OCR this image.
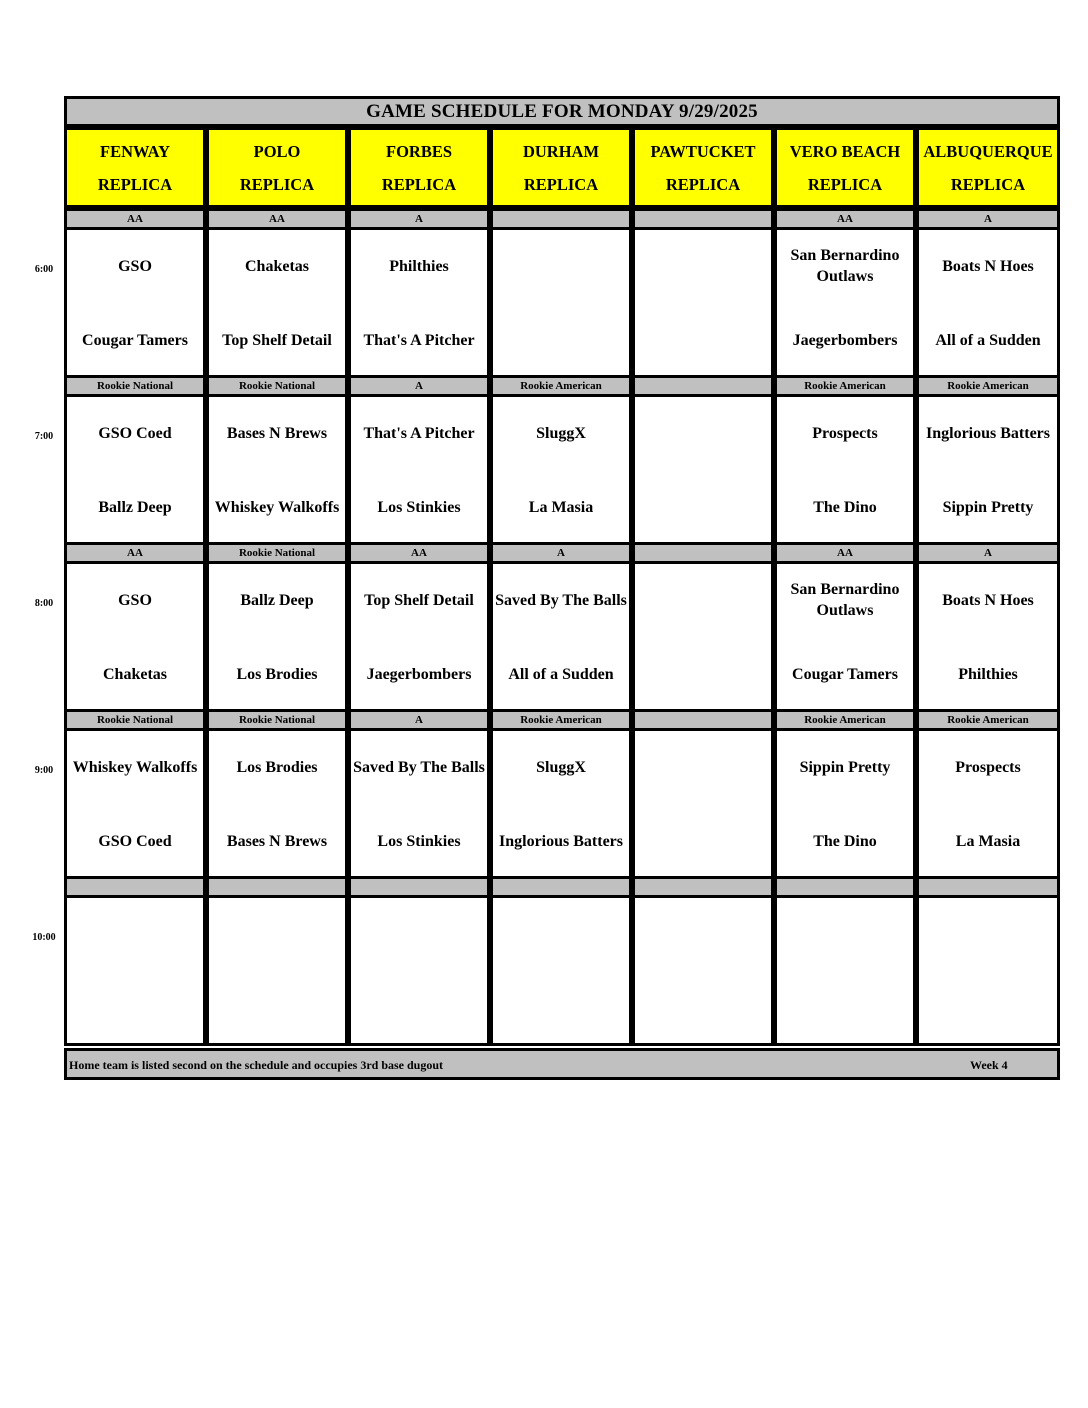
GAME SCHEDULE FOR MONDAY 9/29/2025
FENWAY
REPLICA
POLO
REPLICA
FORBES
REPLICA
DURHAM
REPLICA
PAWTUCKET
REPLICA
VERO BEACH
REPLICA
ALBUQUERQUE
REPLICA
AA
GSO
Cougar Tamers
AA
Chaketas
Top Shelf Detail
A
Philthies
That's A Pitcher
AA
San Bernardino Outlaws
Jaegerbombers
A
Boats N Hoes
All of a Sudden
Rookie National
GSO Coed
Ballz Deep
Rookie National
Bases N Brews
Whiskey Walkoffs
A
That's A Pitcher
Los Stinkies
Rookie American
SluggX
La Masia
Rookie American
Prospects
The Dino
Rookie American
Inglorious Batters
Sippin Pretty
AA
GSO
Chaketas
Rookie National
Ballz Deep
Los Brodies
AA
Top Shelf Detail
Jaegerbombers
A
Saved By The Balls
All of a Sudden
AA
San Bernardino Outlaws
Cougar Tamers
A
Boats N Hoes
Philthies
Rookie National
Whiskey Walkoffs
GSO Coed
Rookie National
Los Brodies
Bases N Brews
A
Saved By The Balls
Los Stinkies
Rookie American
SluggX
Inglorious Batters
Rookie American
Sippin Pretty
The Dino
Rookie American
Prospects
La Masia
Home team is listed second on the schedule and occupies 3rd base dugout	Week 4
6:00
7:00
8:00
9:00
10:00
